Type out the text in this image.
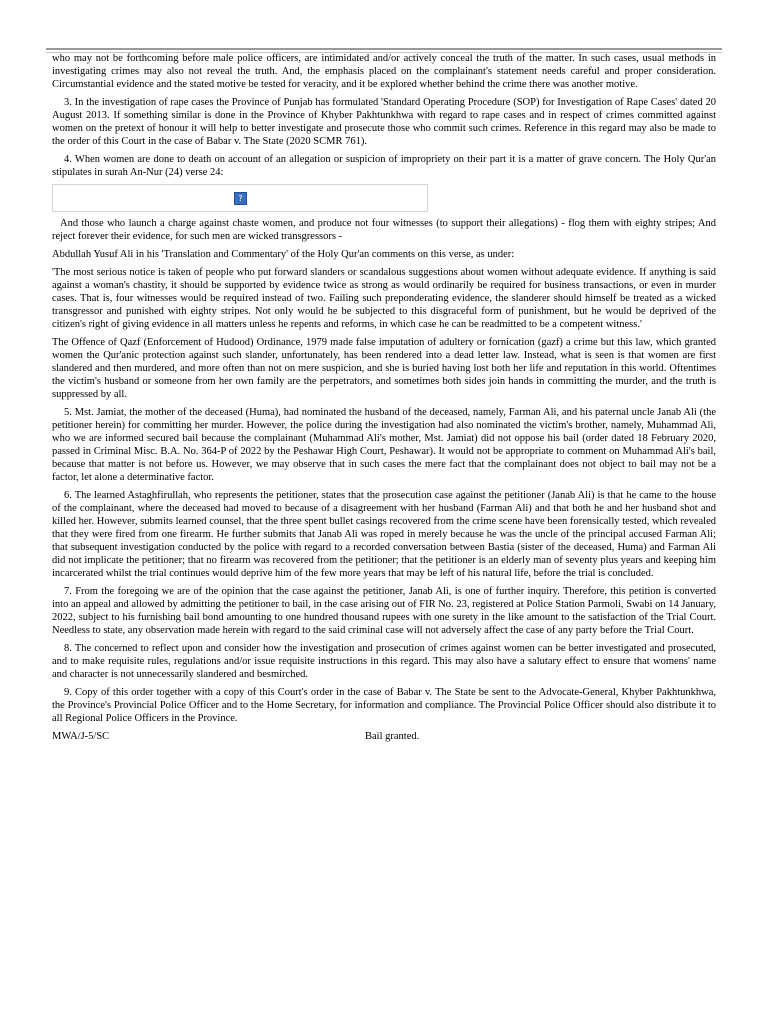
who may not be forthcoming before male police officers, are intimidated and/or actively conceal the truth of the matter. In such cases, usual methods in investigating crimes may also not reveal the truth. And, the emphasis placed on the complainant's statement needs careful and proper consideration. Circumstantial evidence and the stated motive be tested for veracity, and it be explored whether behind the crime there was another motive.

3. In the investigation of rape cases the Province of Punjab has formulated 'Standard Operating Procedure (SOP) for Investigation of Rape Cases' dated 20 August 2013. If something similar is done in the Province of Khyber Pakhtunkhwa with regard to rape cases and in respect of crimes committed against women on the pretext of honour it will help to better investigate and prosecute those who commit such crimes. Reference in this regard may also be made to the order of this Court in the case of Babar v. The State (2020 SCMR 761).

4. When women are done to death on account of an allegation or suspicion of impropriety on their part it is a matter of grave concern. The Holy Qur'an stipulates in surah An-Nur (24) verse 24:

?

And those who launch a charge against chaste women, and produce not four witnesses (to support their allegations) - flog them with eighty stripes; And reject forever their evidence, for such men are wicked transgressors -

Abdullah Yusuf Ali in his 'Translation and Commentary' of the Holy Qur'an comments on this verse, as under:

'The most serious notice is taken of people who put forward slanders or scandalous suggestions about women without adequate evidence. If anything is said against a woman's chastity, it should be supported by evidence twice as strong as would ordinarily be required for business transactions, or even in murder cases. That is, four witnesses would be required instead of two. Failing such preponderating evidence, the slanderer should himself be treated as a wicked transgressor and punished with eighty stripes. Not only would he be subjected to this disgraceful form of punishment, but he would be deprived of the citizen's right of giving evidence in all matters unless he repents and reforms, in which case he can be readmitted to be a competent witness.'

The Offence of Qazf (Enforcement of Hudood) Ordinance, 1979 made false imputation of adultery or fornication (gazf) a crime but this law, which granted women the Qur'anic protection against such slander, unfortunately, has been rendered into a dead letter law. Instead, what is seen is that women are first slandered and then murdered, and more often than not on mere suspicion, and she is buried having lost both her life and reputation in this world. Oftentimes the victim's husband or someone from her own family are the perpetrators, and sometimes both sides join hands in committing the murder, and the truth is suppressed by all.

5. Mst. Jamiat, the mother of the deceased (Huma), had nominated the husband of the deceased, namely, Farman Ali, and his paternal uncle Janab Ali (the petitioner herein) for committing her murder. However, the police during the investigation had also nominated the victim's brother, namely, Muhammad Ali, who we are informed secured bail because the complainant (Muhammad Ali's mother, Mst. Jamiat) did not oppose his bail (order dated 18 February 2020, passed in Criminal Misc. B.A. No. 364-P of 2022 by the Peshawar High Court, Peshawar). It would not be appropriate to comment on Muhammad Ali's bail, because that matter is not before us. However, we may observe that in such cases the mere fact that the complainant does not object to bail may not be a factor, let alone a determinative factor.

6. The learned Astaghfirullah, who represents the petitioner, states that the prosecution case against the petitioner (Janab Ali) is that he came to the house of the complainant, where the deceased had moved to because of a disagreement with her husband (Farman Ali) and that both he and her husband shot and killed her. However, submits learned counsel, that the three spent bullet casings recovered from the crime scene have been forensically tested, which revealed that they were fired from one firearm. He further submits that Janab Ali was roped in merely because he was the uncle of the principal accused Farman Ali; that subsequent investigation conducted by the police with regard to a recorded conversation between Bastia (sister of the deceased, Huma) and Farman Ali did not implicate the petitioner; that no firearm was recovered from the petitioner; that the petitioner is an elderly man of seventy plus years and keeping him incarcerated whilst the trial continues would deprive him of the few more years that may be left of his natural life, before the trial is concluded.

7. From the foregoing we are of the opinion that the case against the petitioner, Janab Ali, is one of further inquiry. Therefore, this petition is converted into an appeal and allowed by admitting the petitioner to bail, in the case arising out of FIR No. 23, registered at Police Station Parmoli, Swabi on 14 January, 2022, subject to his furnishing bail bond amounting to one hundred thousand rupees with one surety in the like amount to the satisfaction of the Trial Court. Needless to state, any observation made herein with regard to the said criminal case will not adversely affect the case of any party before the Trial Court.

8. The concerned to reflect upon and consider how the investigation and prosecution of crimes against women can be better investigated and prosecuted, and to make requisite rules, regulations and/or issue requisite instructions in this regard. This may also have a salutary effect to ensure that womens' name and character is not unnecessarily slandered and besmirched.

9. Copy of this order together with a copy of this Court's order in the case of Babar v. The State be sent to the Advocate-General, Khyber Pakhtunkhwa, the Province's Provincial Police Officer and to the Home Secretary, for information and compliance. The Provincial Police Officer should also distribute it to all Regional Police Officers in the Province.

MWA/J-5/SC	Bail granted.
